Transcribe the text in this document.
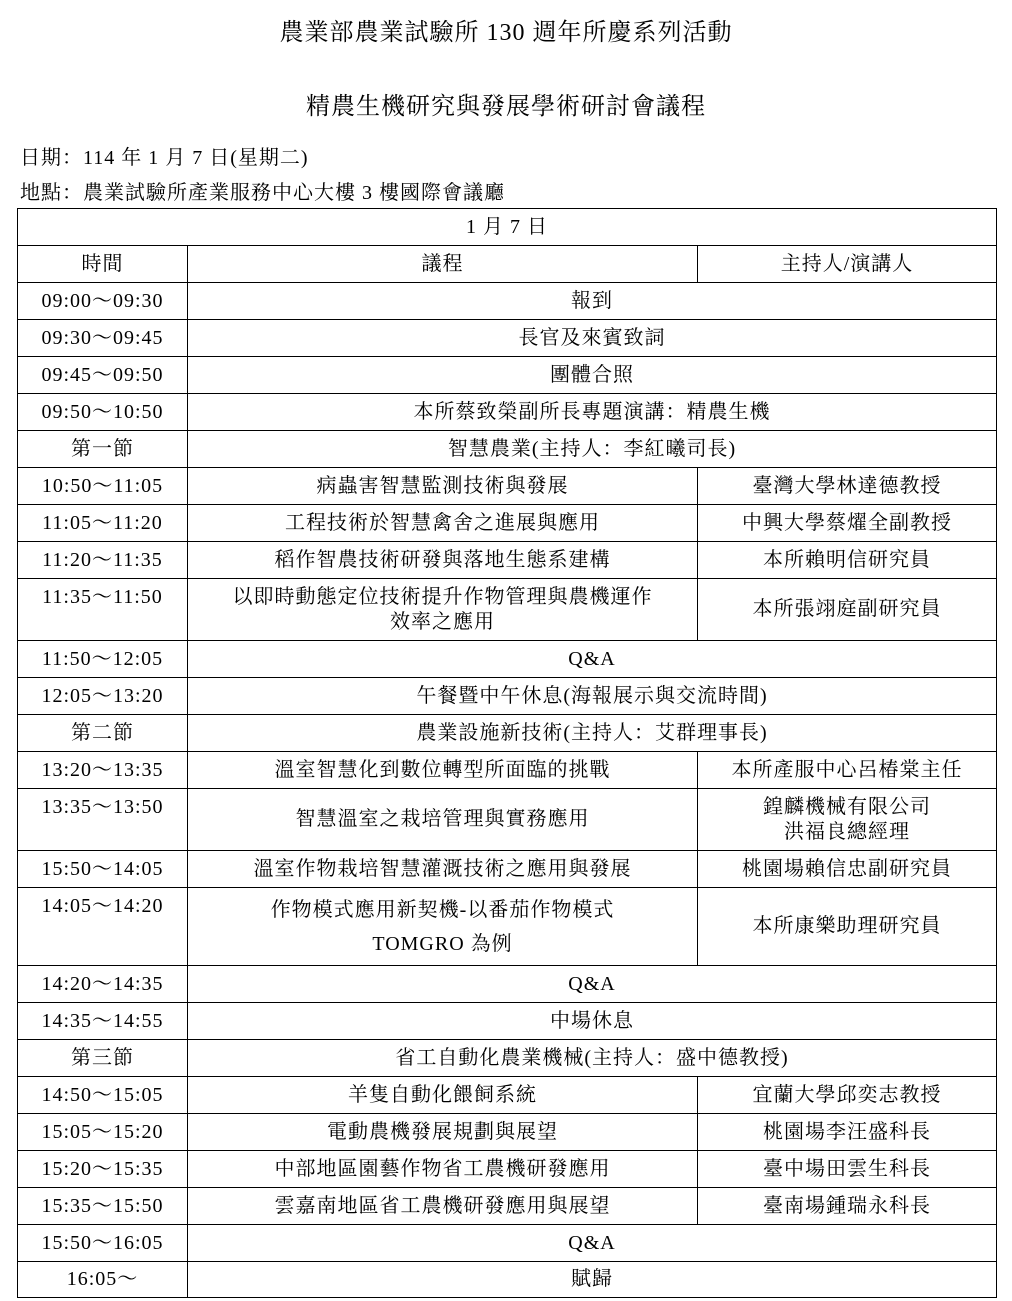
農業部農業試驗所 130 週年所慶系列活動
精農生機研究與發展學術研討會議程
日期：114 年 1 月 7 日(星期二)
地點：農業試驗所產業服務中心大樓 3 樓國際會議廳
1 月 7 日		
時間	議程	主持人/演講人
09:00～09:30	報到	
09:30～09:45	長官及來賓致詞	
09:45～09:50	團體合照	
09:50～10:50	本所蔡致榮副所長專題演講：精農生機	
第一節	智慧農業(主持人：李紅曦司長)	
10:50～11:05	病蟲害智慧監測技術與發展	臺灣大學林達德教授
11:05～11:20	工程技術於智慧禽舍之進展與應用	中興大學蔡燿全副教授
11:20～11:35	稻作智農技術研發與落地生態系建構	本所賴明信研究員
11:35～11:50	以即時動態定位技術提升作物管理與農機運作
效率之應用	本所張翊庭副研究員
11:50～12:05	Q&A	
12:05～13:20	午餐暨中午休息(海報展示與交流時間)	
第二節	農業設施新技術(主持人：艾群理事長)	
13:20～13:35	溫室智慧化到數位轉型所面臨的挑戰	本所產服中心呂椿棠主任
13:35～13:50	智慧溫室之栽培管理與實務應用	鍠麟機械有限公司
洪福良總經理

15:50～14:05	溫室作物栽培智慧灌溉技術之應用與發展	桃園場賴信忠副研究員
14:05～14:20	作物模式應用新契機-以番茄作物模式
TOMGRO 為例	本所康樂助理研究員
14:20～14:35	Q&A	
14:35～14:55	中場休息	
第三節	省工自動化農業機械(主持人：盛中德教授)	
14:50～15:05	羊隻自動化餵飼系統	宜蘭大學邱奕志教授
15:05～15:20	電動農機發展規劃與展望	桃園場李汪盛科長
15:20～15:35	中部地區園藝作物省工農機研發應用	臺中場田雲生科長
15:35～15:50	雲嘉南地區省工農機研發應用與展望	臺南場鍾瑞永科長
15:50～16:05	Q&A	
16:05～	賦歸	
